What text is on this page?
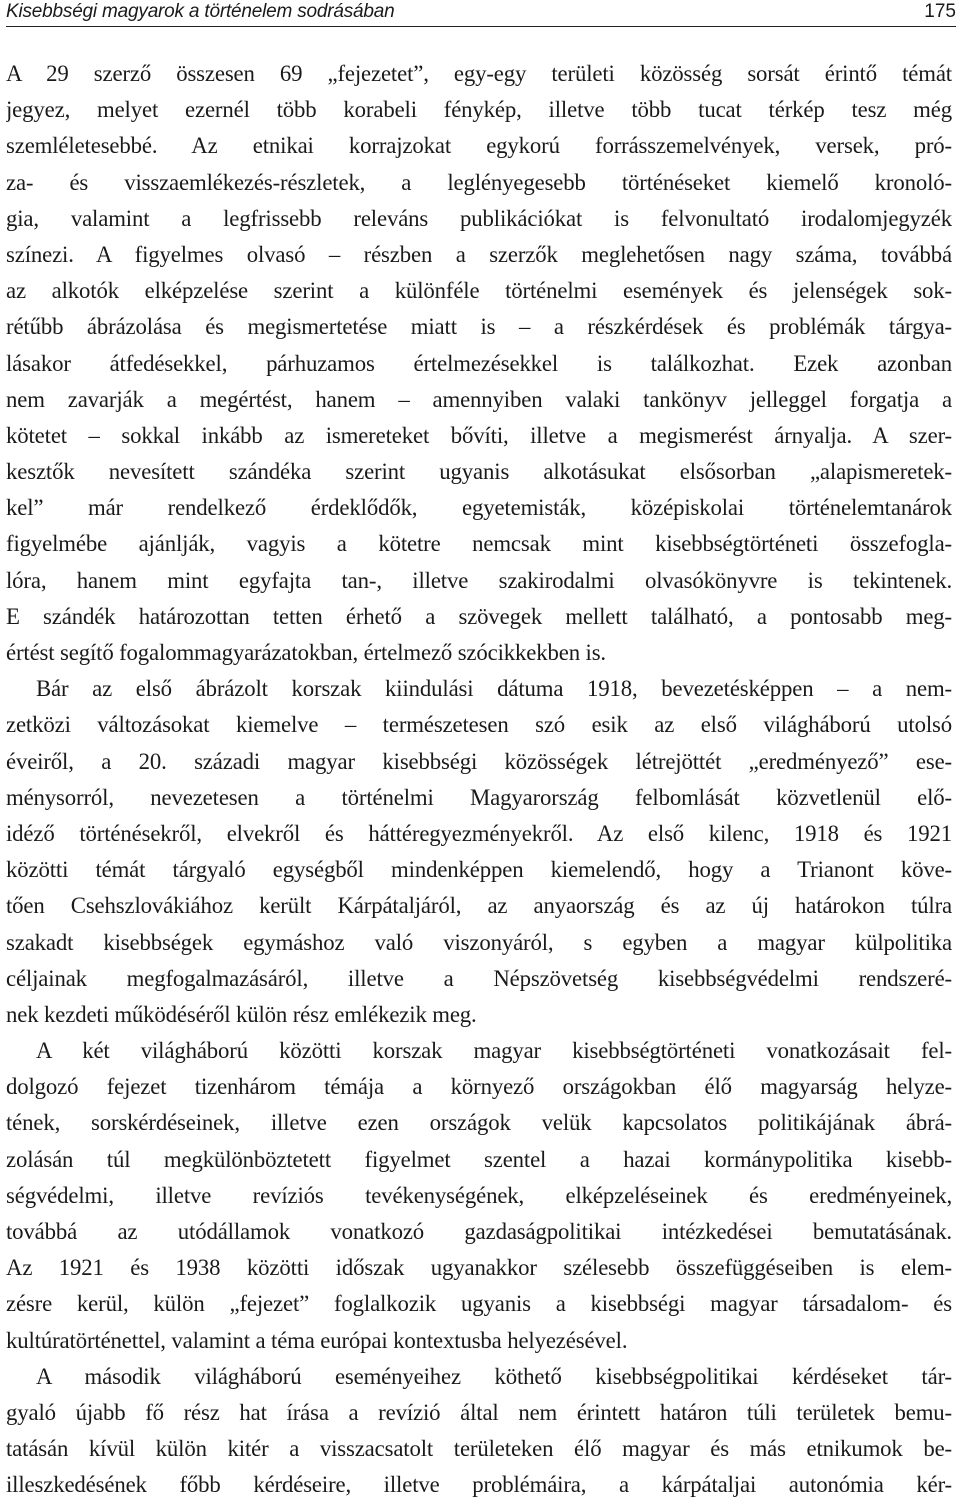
Kisebbségi magyarok a történelem sodrásában	175

A 29 szerző összesen 69 „fejezetet”, egy-egy területi közösség sorsát érintő témát
jegyez, melyet ezernél több korabeli fénykép, illetve több tucat térkép tesz még
szemléletesebbé. Az etnikai korrajzokat egykorú forrásszemelvények, versek, pró-
za- és visszaemlékezés-részletek, a leglényegesebb történéseket kiemelő kronoló-
gia, valamint a legfrissebb releváns publikációkat is felvonultató irodalomjegyzék
színezi. A figyelmes olvasó – részben a szerzők meglehetősen nagy száma, továbbá
az alkotók elképzelése szerint a különféle történelmi események és jelenségek sok-
rétűbb ábrázolása és megismertetése miatt is – a részkérdések és problémák tárgya-
lásakor átfedésekkel, párhuzamos értelmezésekkel is találkozhat. Ezek azonban
nem zavarják a megértést, hanem – amennyiben valaki tankönyv jelleggel forgatja a
kötetet – sokkal inkább az ismereteket bővíti, illetve a megismerést árnyalja. A szer-
kesztők nevesített szándéka szerint ugyanis alkotásukat elsősorban „alapismeretek-
kel” már rendelkező érdeklődők, egyetemisták, középiskolai történelemtanárok
figyelmébe ajánlják, vagyis a kötetre nemcsak mint kisebbségtörténeti összefogla-
lóra, hanem mint egyfajta tan-, illetve szakirodalmi olvasókönyvre is tekintenek.
E szándék határozottan tetten érhető a szövegek mellett található, a pontosabb meg-
értést segítő fogalommagyarázatokban, értelmező szócikkekben is.

Bár az első ábrázolt korszak kiindulási dátuma 1918, bevezetésképpen – a nem-
zetközi változásokat kiemelve – természetesen szó esik az első világháború utolsó
éveiről, a 20. századi magyar kisebbségi közösségek létrejöttét „eredményező” ese-
ménysorról, nevezetesen a történelmi Magyarország felbomlását közvetlenül elő-
idéző történésekről, elvekről és háttéregyezményekről. Az első kilenc, 1918 és 1921
közötti témát tárgyaló egységből mindenképpen kiemelendő, hogy a Trianont köve-
tően Csehszlovákiához került Kárpátaljáról, az anyaország és az új határokon túlra
szakadt kisebbségek egymáshoz való viszonyáról, s egyben a magyar külpolitika
céljainak megfogalmazásáról, illetve a Népszövetség kisebbségvédelmi rendszeré-
nek kezdeti működéséről külön rész emlékezik meg.

A két világháború közötti korszak magyar kisebbségtörténeti vonatkozásait fel-
dolgozó fejezet tizenhárom témája a környező országokban élő magyarság helyze-
tének, sorskérdéseinek, illetve ezen országok velük kapcsolatos politikájának ábrá-
zolásán túl megkülönböztetett figyelmet szentel a hazai kormánypolitika kisebb-
ségvédelmi, illetve revíziós tevékenységének, elképzeléseinek és eredményeinek,
továbbá az utódállamok vonatkozó gazdaságpolitikai intézkedései bemutatásának.
Az 1921 és 1938 közötti időszak ugyanakkor szélesebb összefüggéseiben is elem-
zésre kerül, külön „fejezet” foglalkozik ugyanis a kisebbségi magyar társadalom- és
kultúratörténettel, valamint a téma európai kontextusba helyezésével.

A második világháború eseményeihez köthető kisebbségpolitikai kérdéseket tár-
gyaló újabb fő rész hat írása a revízió által nem érintett határon túli területek bemu-
tatásán kívül külön kitér a visszacsatolt területeken élő magyar és más etnikumok be-
illeszkedésének főbb kérdéseire, illetve problémáira, a kárpátaljai autonómia kér-
